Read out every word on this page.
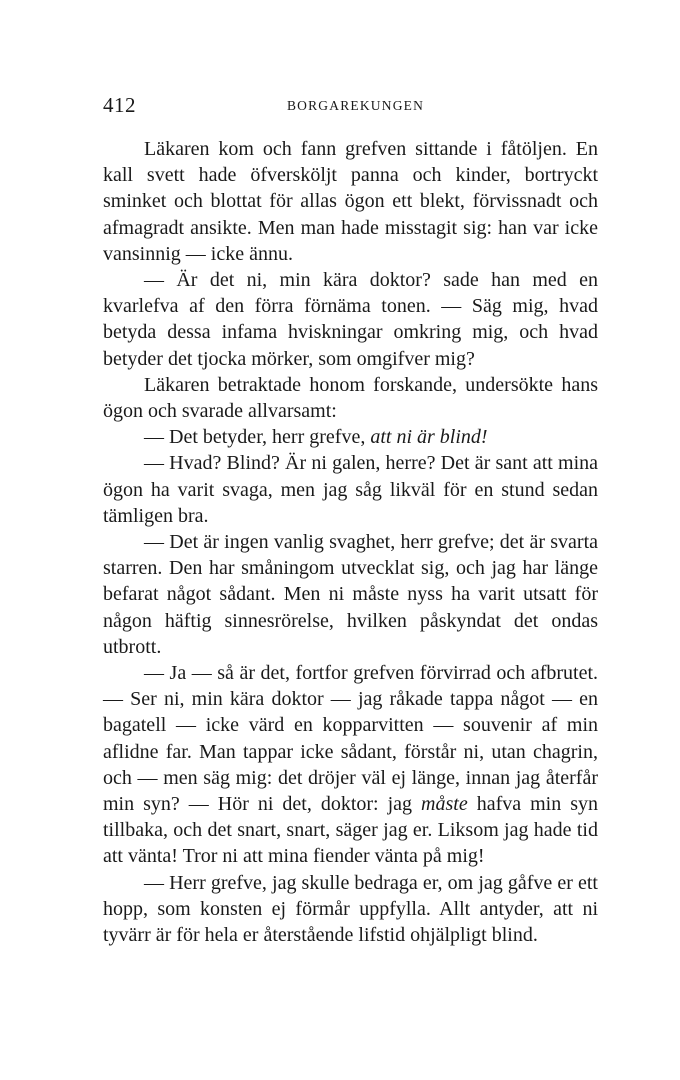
412	BORGAREKUNGEN

Läkaren kom och fann grefven sittande i fåtöljen. En kall svett hade öfversköljt panna och kinder, bortryckt sminket och blottat för allas ögon ett blekt, förvissnadt och afmagradt ansikte. Men man hade misstagit sig: han var icke vansinnig — icke ännu.

— Är det ni, min kära doktor? sade han med en kvarlefva af den förra förnäma tonen. — Säg mig, hvad betyda dessa infama hviskningar omkring mig, och hvad betyder det tjocka mörker, som omgifver mig?

Läkaren betraktade honom forskande, undersökte hans ögon och svarade allvarsamt:

— Det betyder, herr grefve, att ni är blind!

— Hvad? Blind? Är ni galen, herre? Det är sant att mina ögon ha varit svaga, men jag såg likväl för en stund sedan tämligen bra.

— Det är ingen vanlig svaghet, herr grefve; det är svarta starren. Den har småningom utvecklat sig, och jag har länge befarat något sådant. Men ni måste nyss ha varit utsatt för någon häftig sinnesrörelse, hvilken påskyndat det ondas utbrott.

— Ja — så är det, fortfor grefven förvirrad och afbrutet. — Ser ni, min kära doktor — jag råkade tappa något — en bagatell — icke värd en kopparvitten — souvenir af min aflidne far. Man tappar icke sådant, förstår ni, utan chagrin, och — men säg mig: det dröjer väl ej länge, innan jag återfår min syn? — Hör ni det, doktor: jag måste hafva min syn tillbaka, och det snart, snart, säger jag er. Liksom jag hade tid att vänta! Tror ni att mina fiender vänta på mig!

— Herr grefve, jag skulle bedraga er, om jag gåfve er ett hopp, som konsten ej förmår uppfylla. Allt antyder, att ni tyvärr är för hela er återstående lifstid ohjälpligt blind.
